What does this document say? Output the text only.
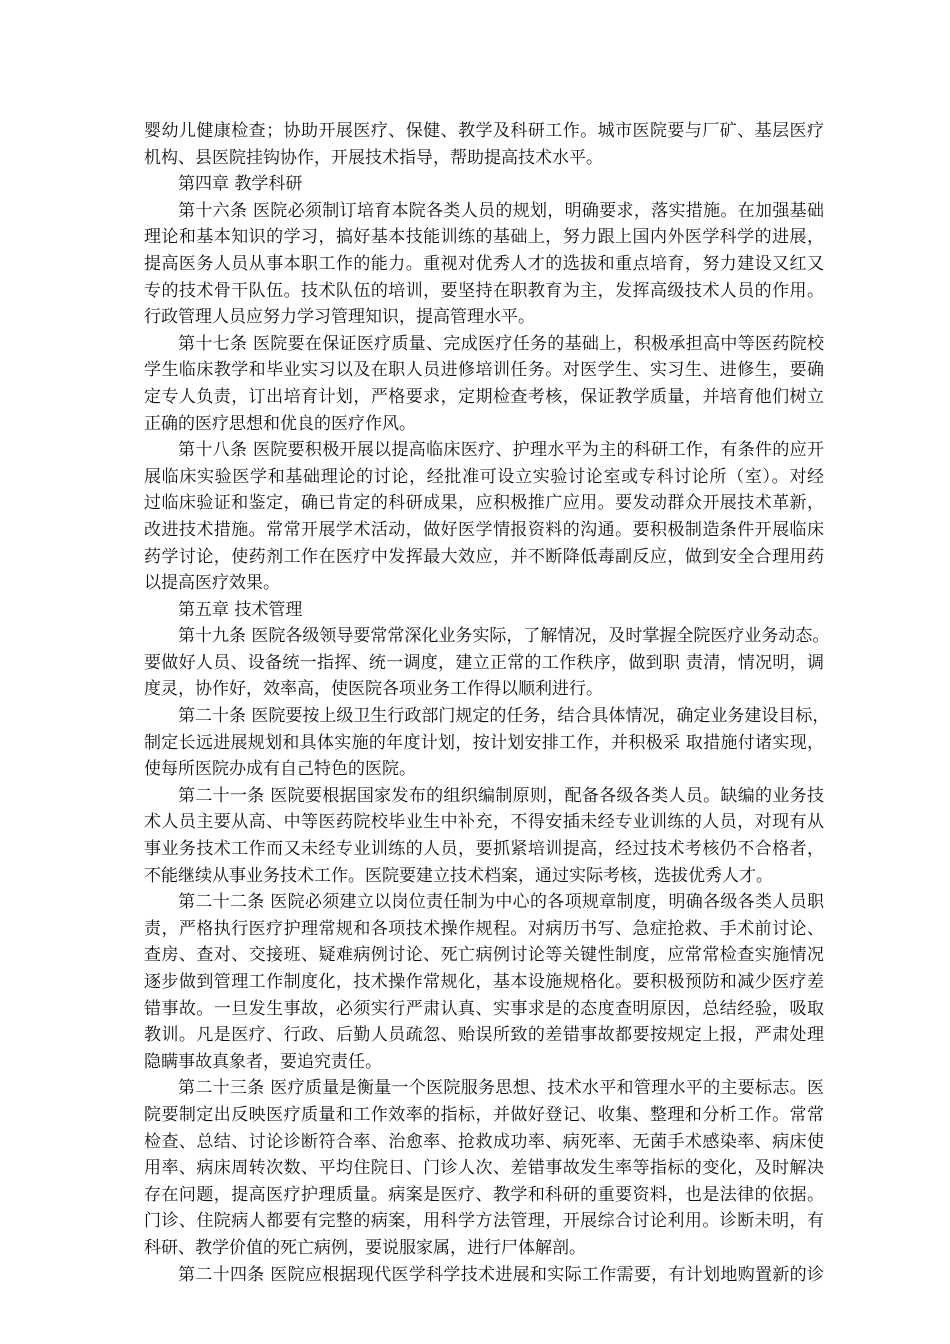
婴幼儿健康检查；协助开展医疗、保健、教学及科研工作。城市医院要与厂矿、基层医疗
机构、县医院挂钩协作，开展技术指导，帮助提高技术水平。
第四章 教学科研
第十六条 医院必须制订培育本院各类人员的规划，明确要求，落实措施。在加强基础
理论和基本知识的学习，搞好基本技能训练的基础上，努力跟上国内外医学科学的进展，
提高医务人员从事本职工作的能力。重视对优秀人才的选拔和重点培育，努力建设又红又
专的技术骨干队伍。技术队伍的培训，要坚持在职教育为主，发挥高级技术人员的作用。
行政管理人员应努力学习管理知识，提高管理水平。
第十七条 医院要在保证医疗质量、完成医疗任务的基础上，积极承担高中等医药院校
学生临床教学和毕业实习以及在职人员进修培训任务。对医学生、实习生、进修生，要确
定专人负责，订出培育计划，严格要求，定期检查考核，保证教学质量，并培育他们树立
正确的医疗思想和优良的医疗作风。
第十八条 医院要积极开展以提高临床医疗、护理水平为主的科研工作，有条件的应开
展临床实验医学和基础理论的讨论，经批准可设立实验讨论室或专科讨论所（室）。对经
过临床验证和鉴定，确已肯定的科研成果，应积极推广应用。要发动群众开展技术革新，
改进技术措施。常常开展学术活动，做好医学情报资料的沟通。要积极制造条件开展临床
药学讨论，使药剂工作在医疗中发挥最大效应，并不断降低毒副反应，做到安全合理用药
以提高医疗效果。
第五章 技术管理
第十九条 医院各级领导要常常深化业务实际，了解情况，及时掌握全院医疗业务动态。
要做好人员、设备统一指挥、统一调度，建立正常的工作秩序，做到职 责清，情况明，调
度灵，协作好，效率高，使医院各项业务工作得以顺利进行。
第二十条 医院要按上级卫生行政部门规定的任务，结合具体情况，确定业务建设目标，
制定长远进展规划和具体实施的年度计划，按计划安排工作，并积极采 取措施付诸实现，
使每所医院办成有自己特色的医院。
第二十一条 医院要根据国家发布的组织编制原则，配备各级各类人员。缺编的业务技
术人员主要从高、中等医药院校毕业生中补充，不得安插未经专业训练的人员，对现有从
事业务技术工作而又未经专业训练的人员，要抓紧培训提高，经过技术考核仍不合格者，
不能继续从事业务技术工作。医院要建立技术档案，通过实际考核，选拔优秀人才。
第二十二条 医院必须建立以岗位责任制为中心的各项规章制度，明确各级各类人员职
责，严格执行医疗护理常规和各项技术操作规程。对病历书写、急症抢救、手术前讨论、
查房、查对、交接班、疑难病例讨论、死亡病例讨论等关键性制度，应常常检查实施情况
逐步做到管理工作制度化，技术操作常规化，基本设施规格化。要积极预防和减少医疗差
错事故。一旦发生事故，必须实行严肃认真、实事求是的态度查明原因，总结经验，吸取
教训。凡是医疗、行政、后勤人员疏忽、贻误所致的差错事故都要按规定上报，严肃处理
隐瞒事故真象者，要追究责任。
第二十三条 医疗质量是衡量一个医院服务思想、技术水平和管理水平的主要标志。医
院要制定出反映医疗质量和工作效率的指标，并做好登记、收集、整理和分析工作。常常
检查、总结、讨论诊断符合率、治愈率、抢救成功率、病死率、无菌手术感染率、病床使
用率、病床周转次数、平均住院日、门诊人次、差错事故发生率等指标的变化，及时解决
存在问题，提高医疗护理质量。病案是医疗、教学和科研的重要资料，也是法律的依据。
门诊、住院病人都要有完整的病案，用科学方法管理，开展综合讨论利用。诊断未明，有
科研、教学价值的死亡病例，要说服家属，进行尸体解剖。
第二十四条 医院应根据现代医学科学技术进展和实际工作需要，有计划地购置新的诊
